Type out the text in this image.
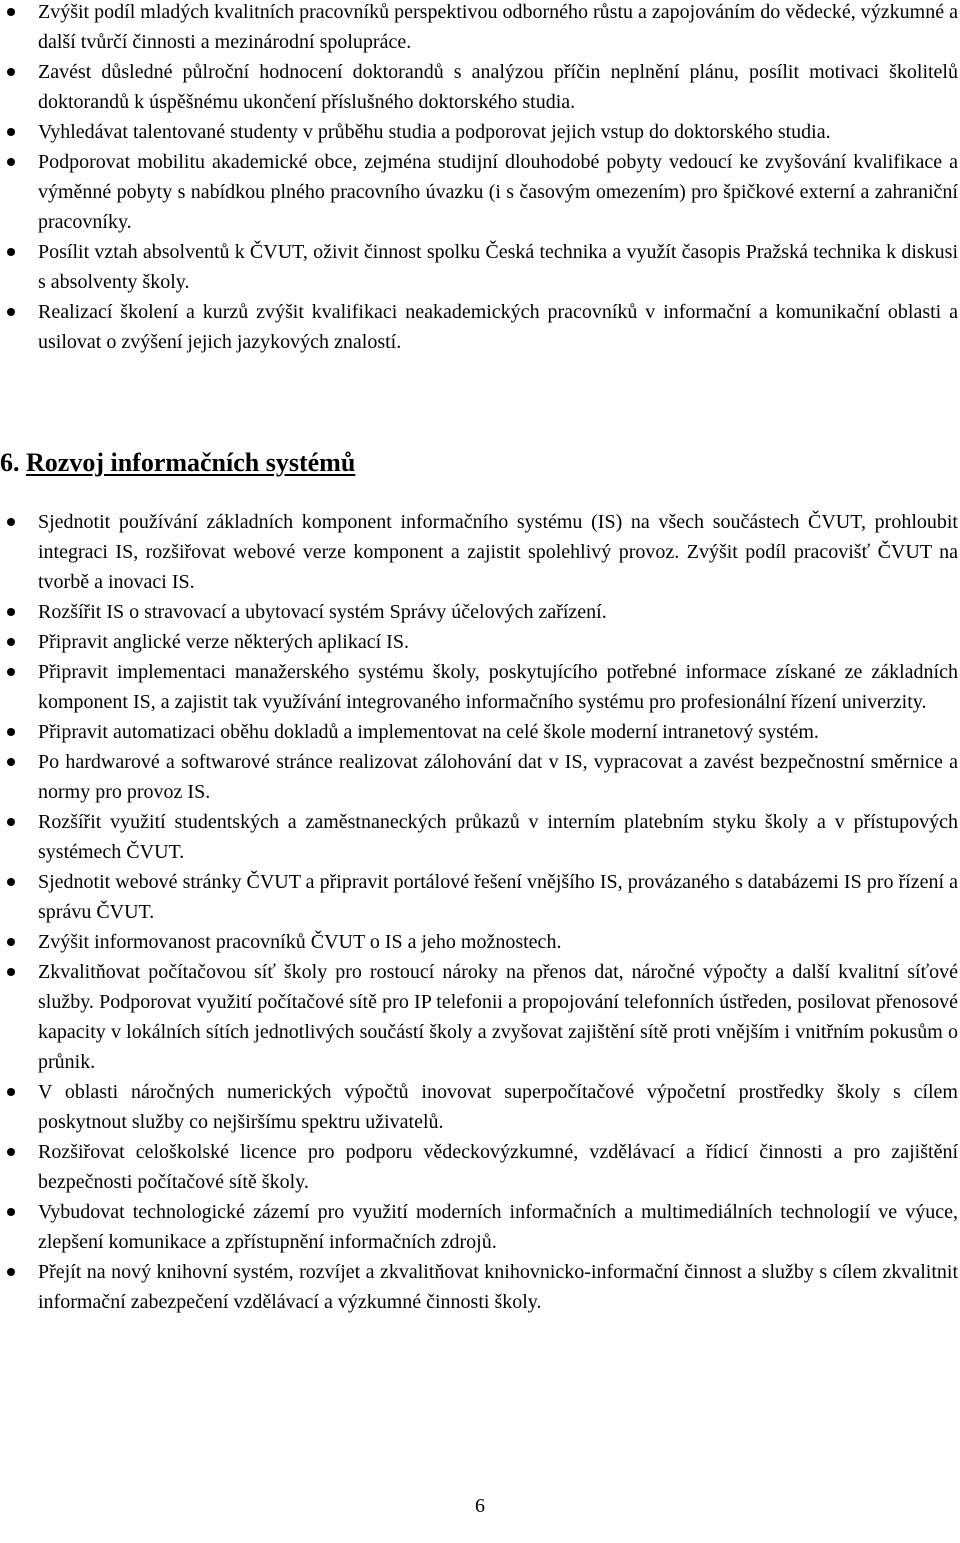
Zvýšit podíl mladých kvalitních pracovníků perspektivou odborného růstu a zapojováním do vědecké, výzkumné a další tvůrčí činnosti a mezinárodní spolupráce.
Zavést důsledné půlroční hodnocení doktorandů s analýzou příčin neplnění plánu, posílit motivaci školitelů doktorandů k úspěšnému ukončení příslušného doktorského studia.
Vyhledávat talentované studenty v průběhu studia a podporovat jejich vstup do doktorského studia.
Podporovat mobilitu akademické obce, zejména studijní dlouhodobé pobyty vedoucí ke zvyšování kvalifikace a výměnné pobyty s nabídkou plného pracovního úvazku (i s časovým omezením) pro špičkové externí a zahraniční pracovníky.
Posílit vztah absolventů k ČVUT, oživit činnost spolku Česká technika a využít časopis Pražská technika k diskusi s absolventy školy.
Realizací školení a kurzů zvýšit kvalifikaci neakademických pracovníků v informační a komunikační oblasti a usilovat o zvýšení jejich jazykových znalostí.
6. Rozvoj informačních systémů
Sjednotit používání základních komponent informačního systému (IS) na všech součástech ČVUT, prohloubit integraci IS, rozšiřovat webové verze komponent a zajistit spolehlivý provoz. Zvýšit podíl pracovišť ČVUT na tvorbě a inovaci IS.
Rozšířit IS o stravovací a ubytovací systém Správy účelových zařízení.
Připravit anglické verze některých aplikací IS.
Připravit implementaci manažerského systému školy, poskytujícího potřebné informace získané ze základních komponent IS, a zajistit tak využívání integrovaného informačního systému pro profesionální řízení univerzity.
Připravit automatizaci oběhu dokladů a implementovat na celé škole moderní intranetový systém.
Po hardwarové a softwarové stránce realizovat zálohování dat v IS, vypracovat a zavést bezpečnostní směrnice a normy pro provoz IS.
Rozšířit využití studentských a zaměstnaneckých průkazů v interním platebním styku školy a v přístupových systémech ČVUT.
Sjednotit webové stránky ČVUT a připravit portálové řešení vnějšího IS, provázaného s databázemi IS pro řízení a správu ČVUT.
Zvýšit informovanost pracovníků ČVUT o IS a jeho možnostech.
Zkvalitňovat počítačovou síť školy pro rostoucí nároky na přenos dat, náročné výpočty a další kvalitní síťové služby. Podporovat využití počítačové sítě pro IP telefonii a propojování telefonních ústředen, posilovat přenosové kapacity v lokálních sítích jednotlivých součástí školy a zvyšovat zajištění sítě proti vnějším i vnitřním pokusům o průnik.
V oblasti náročných numerických výpočtů inovovat superpočítačové výpočetní prostředky školy s cílem poskytnout služby co nejširšímu spektru uživatelů.
Rozšiřovat celoškolské licence pro podporu vědeckovýzkumné, vzdělávací a řídicí činnosti a pro zajištění bezpečnosti počítačové sítě školy.
Vybudovat technologické zázemí pro využití moderních informačních a multimediálních technologií ve výuce, zlepšení komunikace a zpřístupnění informačních zdrojů.
Přejít na nový knihovní systém, rozvíjet a zkvalitňovat knihovnicko-informační činnost a služby s cílem zkvalitnit informační zabezpečení vzdělávací a výzkumné činnosti školy.
6
